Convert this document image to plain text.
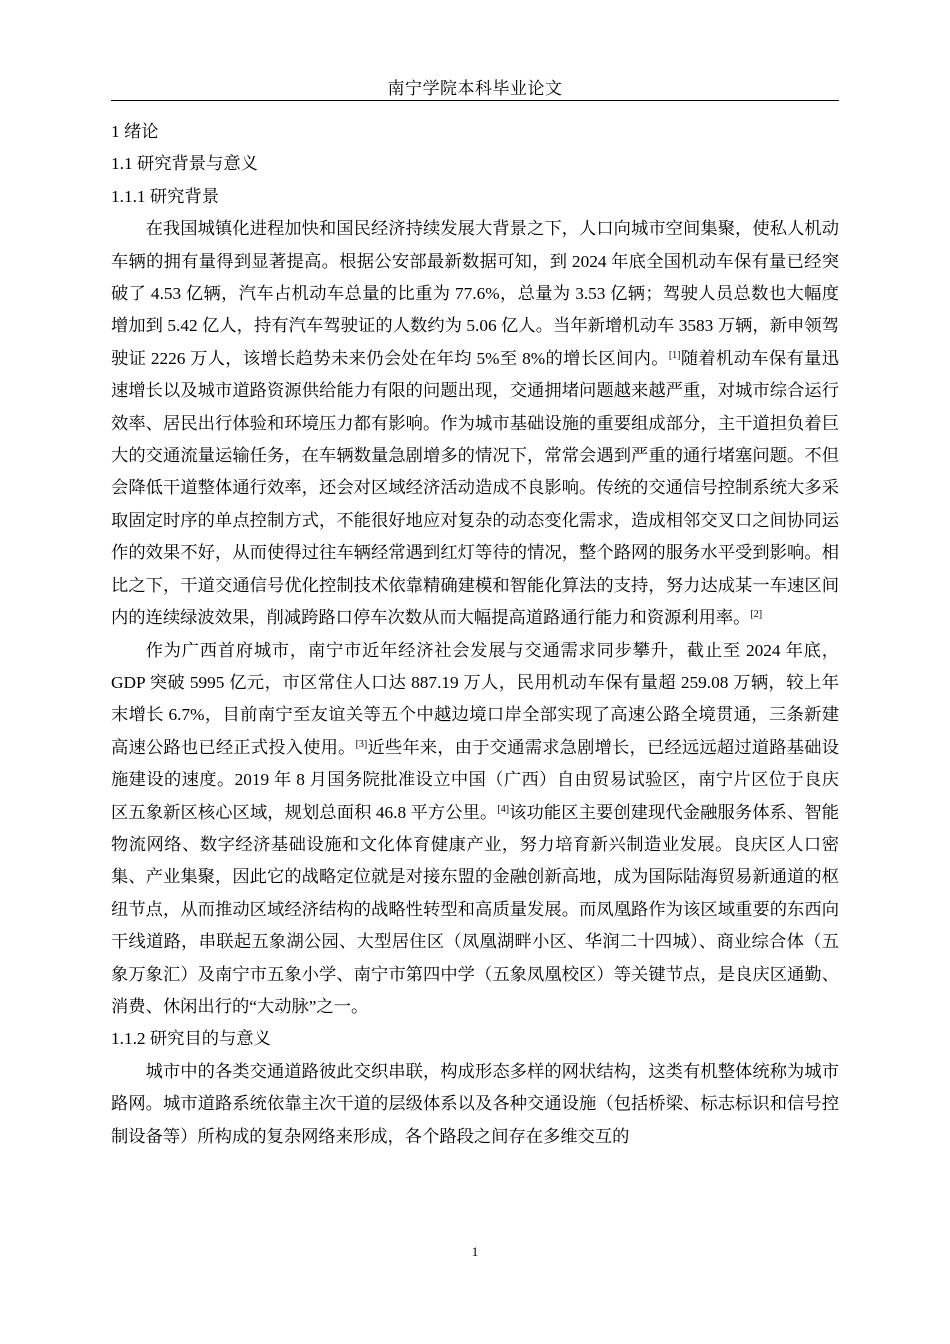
南宁学院本科毕业论文
1 绪论
1.1 研究背景与意义
1.1.1 研究背景

在我国城镇化进程加快和国民经济持续发展大背景之下，人口向城市空间集聚，使私人机动车辆的拥有量得到显著提高。根据公安部最新数据可知，到 2024 年底全国机动车保有量已经突破了 4.53 亿辆，汽车占机动车总量的比重为 77.6%，总量为 3.53 亿辆；驾驶人员总数也大幅度增加到 5.42 亿人，持有汽车驾驶证的人数约为 5.06 亿人。当年新增机动车 3583 万辆，新申领驾驶证 2226 万人，该增长趋势未来仍会处在年均 5%至 8%的增长区间内。[1]随着机动车保有量迅速增长以及城市道路资源供给能力有限的问题出现，交通拥堵问题越来越严重，对城市综合运行效率、居民出行体验和环境压力都有影响。作为城市基础设施的重要组成部分，主干道担负着巨大的交通流量运输任务，在车辆数量急剧增多的情况下，常常会遇到严重的通行堵塞问题。不但会降低干道整体通行效率，还会对区域经济活动造成不良影响。传统的交通信号控制系统大多采取固定时序的单点控制方式，不能很好地应对复杂的动态变化需求，造成相邻交叉口之间协同运作的效果不好，从而使得过往车辆经常遇到红灯等待的情况，整个路网的服务水平受到影响。相比之下，干道交通信号优化控制技术依靠精确建模和智能化算法的支持，努力达成某一车速区间内的连续绿波效果，削减跨路口停车次数从而大幅提高道路通行能力和资源利用率。[2]

作为广西首府城市，南宁市近年经济社会发展与交通需求同步攀升，截止至 2024 年底，GDP 突破 5995 亿元，市区常住人口达 887.19 万人，民用机动车保有量超 259.08 万辆，较上年末增长 6.7%，目前南宁至友谊关等五个中越边境口岸全部实现了高速公路全境贯通，三条新建高速公路也已经正式投入使用。[3]近些年来，由于交通需求急剧增长，已经远远超过道路基础设施建设的速度。2019 年 8 月国务院批准设立中国（广西）自由贸易试验区，南宁片区位于良庆区五象新区核心区域，规划总面积 46.8 平方公里。[4]该功能区主要创建现代金融服务体系、智能物流网络、数字经济基础设施和文化体育健康产业，努力培育新兴制造业发展。良庆区人口密集、产业集聚，因此它的战略定位就是对接东盟的金融创新高地，成为国际陆海贸易新通道的枢纽节点，从而推动区域经济结构的战略性转型和高质量发展。而凤凰路作为该区域重要的东西向干线道路，串联起五象湖公园、大型居住区（凤凰湖畔小区、华润二十四城）、商业综合体（五象万象汇）及南宁市五象小学、南宁市第四中学（五象凤凰校区）等关键节点，是良庆区通勤、消费、休闲出行的“大动脉”之一。

1.1.2 研究目的与意义

城市中的各类交通道路彼此交织串联，构成形态多样的网状结构，这类有机整体统称为城市路网。城市道路系统依靠主次干道的层级体系以及各种交通设施（包括桥梁、标志标识和信号控制设备等）所构成的复杂网络来形成，各个路段之间存在多维交互的

1
